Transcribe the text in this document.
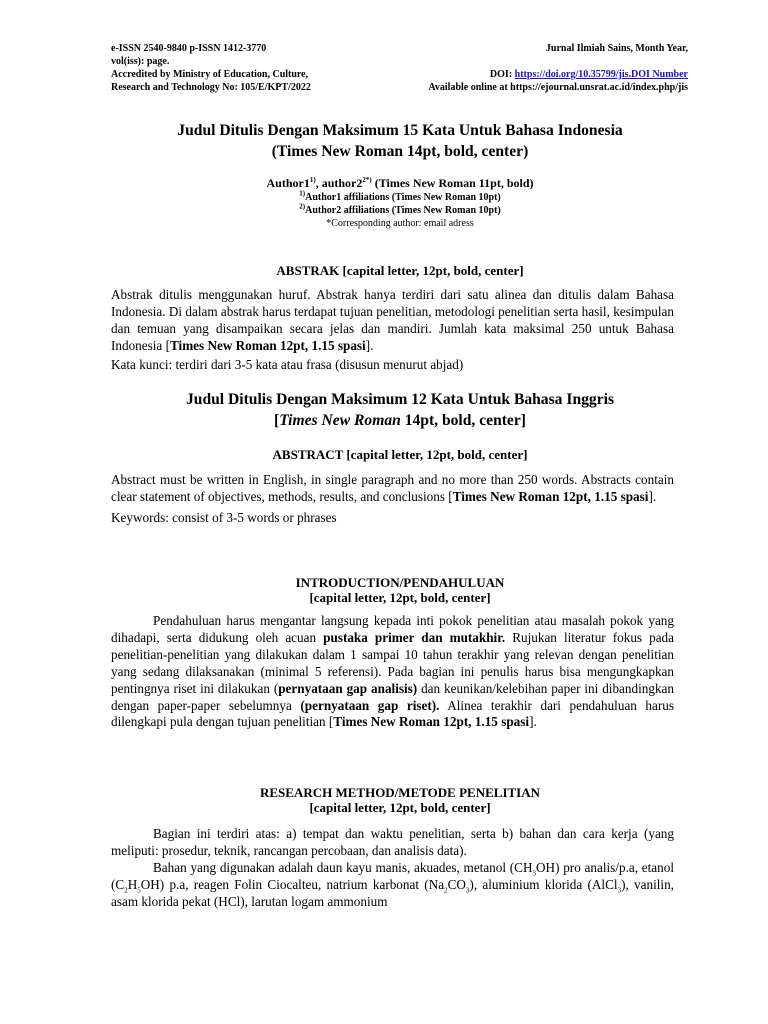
e-ISSN 2540-9840 p-ISSN 1412-3770	Jurnal Ilmiah Sains, Month Year,
vol(iss): page.
Accredited by Ministry of Education, Culture,	DOI: https://doi.org/10.35799/jis.DOI Number
Research and Technology No: 105/E/KPT/2022	Available online at https://ejournal.unsrat.ac.id/index.php/jis
Judul Ditulis Dengan Maksimum 15 Kata Untuk Bahasa Indonesia
(Times New Roman 14pt, bold, center)
Author1$^{1)}$, $author2^{2*)}$ (Times New Roman 11pt, bold)
$^{1)}$Author1 affiliations (Times New Roman 10pt)
$^{2)}$Author2 affiliations (Times New Roman 10pt)
*Corresponding author: email adress
ABSTRAK [capital letter, 12pt, bold, center]

Abstrak ditulis menggunakan huruf. Abstrak hanya terdiri dari satu alinea dan ditulis dalam Bahasa Indonesia. Di dalam abstrak harus terdapat tujuan penelitian, metodologi penelitian serta hasil, kesimpulan dan temuan yang disampaikan secara jelas dan mandiri. Jumlah kata maksimal 250 untuk Bahasa Indonesia [Times New Roman 12pt, 1.15 spasi].

Kata kunci: terdiri dari 3-5 kata atau frasa (disusun menurut abjad)

Judul Ditulis Dengan Maksimum 12 Kata Untuk Bahasa Inggris
[Times New Roman 14pt, bold, center]
ABSTRACT [capital letter, 12pt, bold, center]

Abstract must be written in English, in single paragraph and no more than 250 words. Abstracts contain clear statement of objectives, methods, results, and conclusions [Times New Roman 12pt, 1.15 spasi].

Keywords: consist of 3-5 words or phrases

INTRODUCTION/PENDAHULUAN
[capital letter, 12pt, bold, center]

Pendahuluan harus mengantar langsung kepada inti pokok penelitian atau masalah pokok yang dihadapi, serta didukung oleh acuan pustaka primer dan mutakhir. Rujukan literatur fokus pada penelitian-penelitian yang dilakukan dalam 1 sampai 10 tahun terakhir yang relevan dengan penelitian yang sedang dilaksanakan (minimal 5 referensi). Pada bagian ini penulis harus bisa mengungkapkan pentingnya riset ini dilakukan (pernyataan gap analisis) dan keunikan/kelebihan paper ini dibandingkan dengan paper-paper sebelumnya (pernyataan gap riset). Alinea terakhir dari pendahuluan harus dilengkapi pula dengan tujuan penelitian [Times New Roman 12pt, 1.15 spasi].

RESEARCH METHOD/METODE PENELITIAN
[capital letter, 12pt, bold, center]

Bagian ini terdiri atas: a) tempat dan waktu penelitian, serta b) bahan dan cara kerja (yang meliputi: prosedur, teknik, rancangan percobaan, dan analisis data).

Bahan yang digunakan adalah daun kayu manis, akuades, metanol $(CH_3OH)$ pro analis/p.a, etanol $(C_2H_5OH)$ p.a, reagen Folin Ciocalteu, natrium karbonat $(Na_2CO_3)$, aluminium klorida (AlCl$_3$), vanilin, asam klorida pekat (HCl), larutan logam ammonium
